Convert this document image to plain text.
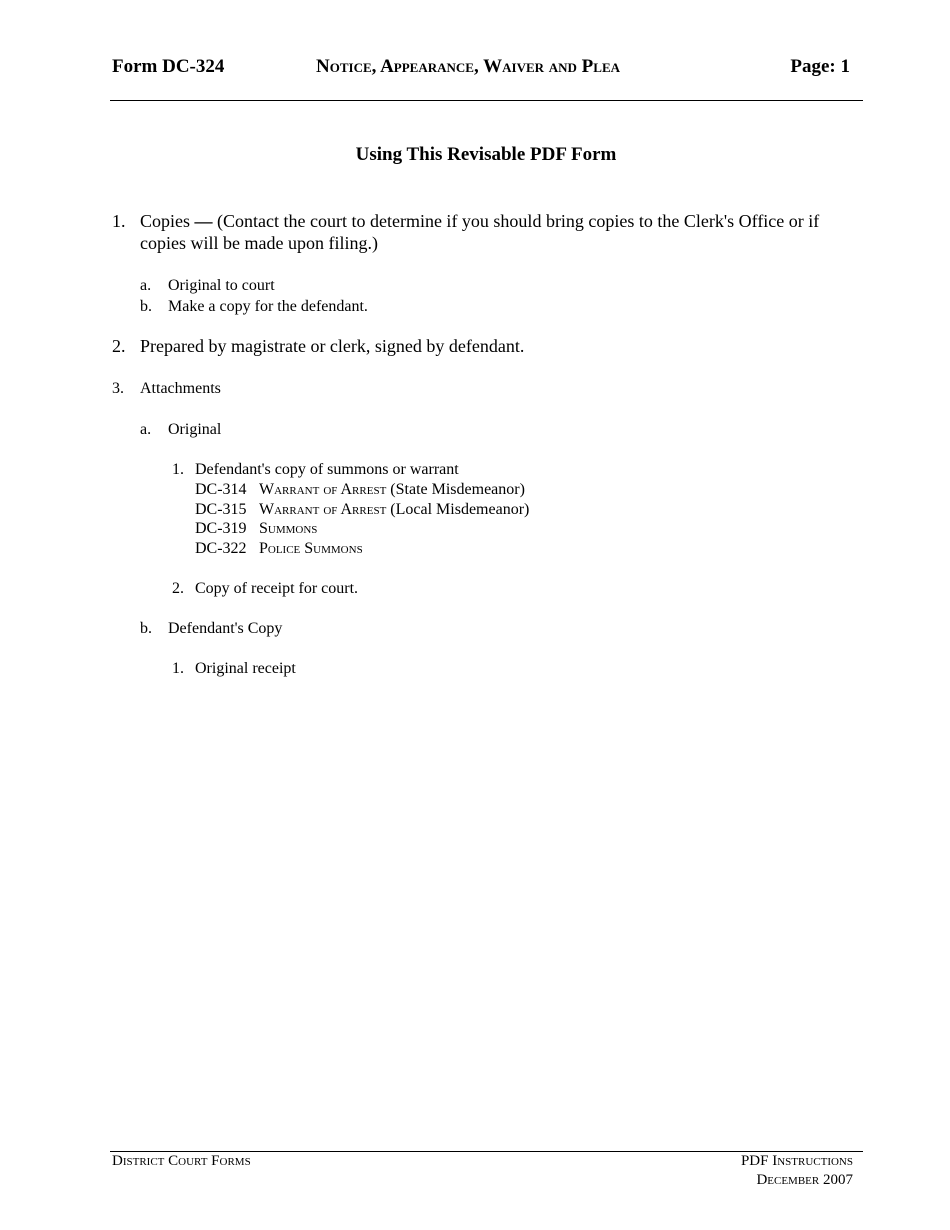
Form DC-324	Notice, Appearance, Waiver and Plea	Page: 1
Using This Revisable PDF Form
1. Copies — (Contact the court to determine if you should bring copies to the Clerk's Office or if
copies will be made upon filing.)
a. Original to court
b. Make a copy for the defendant.
2. Prepared by magistrate or clerk, signed by defendant.
3. Attachments
a. Original
1. Defendant's copy of summons or warrant
DC-314 Warrant of Arrest (State Misdemeanor)
DC-315 Warrant of Arrest (Local Misdemeanor)
DC-319 Summons
DC-322 Police Summons
2. Copy of receipt for court.
b. Defendant's Copy
1. Original receipt
District Court Forms	PDF Instructions
December 2007
